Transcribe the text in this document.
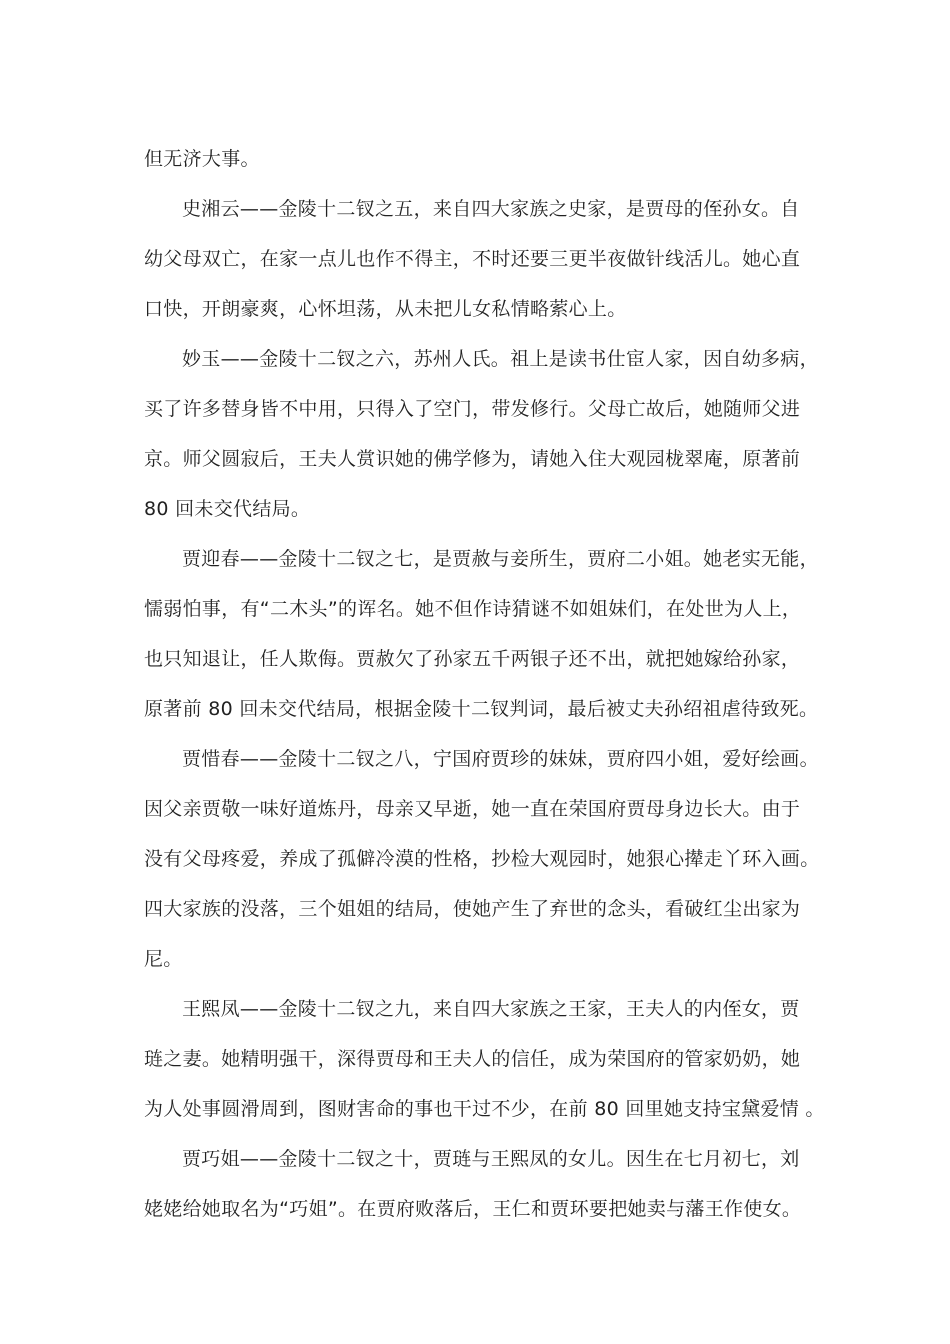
但无济大事。
史湘云——金陵十二钗之五，来自四大家族之史家，是贾母的侄孙女。自
幼父母双亡，在家一点儿也作不得主，不时还要三更半夜做针线活儿。她心直
口快，开朗豪爽，心怀坦荡，从未把儿女私情略萦心上。
妙玉——金陵十二钗之六，苏州人氏。祖上是读书仕宦人家，因自幼多病，
买了许多替身皆不中用，只得入了空门，带发修行。父母亡故后，她随师父进
京。师父圆寂后，王夫人赏识她的佛学修为，请她入住大观园栊翠庵，原著前
80 回未交代结局。
贾迎春——金陵十二钗之七，是贾赦与妾所生，贾府二小姐。她老实无能，
懦弱怕事，有“二木头”的诨名。她不但作诗猜谜不如姐妹们，在处世为人上，
也只知退让，任人欺侮。贾赦欠了孙家五千两银子还不出，就把她嫁给孙家，
原著前 80 回未交代结局，根据金陵十二钗判词，最后被丈夫孙绍祖虐待致死。
贾惜春——金陵十二钗之八，宁国府贾珍的妹妹，贾府四小姐，爱好绘画。
因父亲贾敬一味好道炼丹，母亲又早逝，她一直在荣国府贾母身边长大。由于
没有父母疼爱，养成了孤僻冷漠的性格，抄检大观园时，她狠心撵走丫环入画。
四大家族的没落，三个姐姐的结局，使她产生了弃世的念头，看破红尘出家为
尼。
王熙凤——金陵十二钗之九，来自四大家族之王家，王夫人的内侄女，贾
琏之妻。她精明强干，深得贾母和王夫人的信任，成为荣国府的管家奶奶，她
为人处事圆滑周到，图财害命的事也干过不少，在前 80 回里她支持宝黛爱情 。
贾巧姐——金陵十二钗之十，贾琏与王熙凤的女儿。因生在七月初七，刘
姥姥给她取名为“巧姐”。在贾府败落后，王仁和贾环要把她卖与藩王作使女。
